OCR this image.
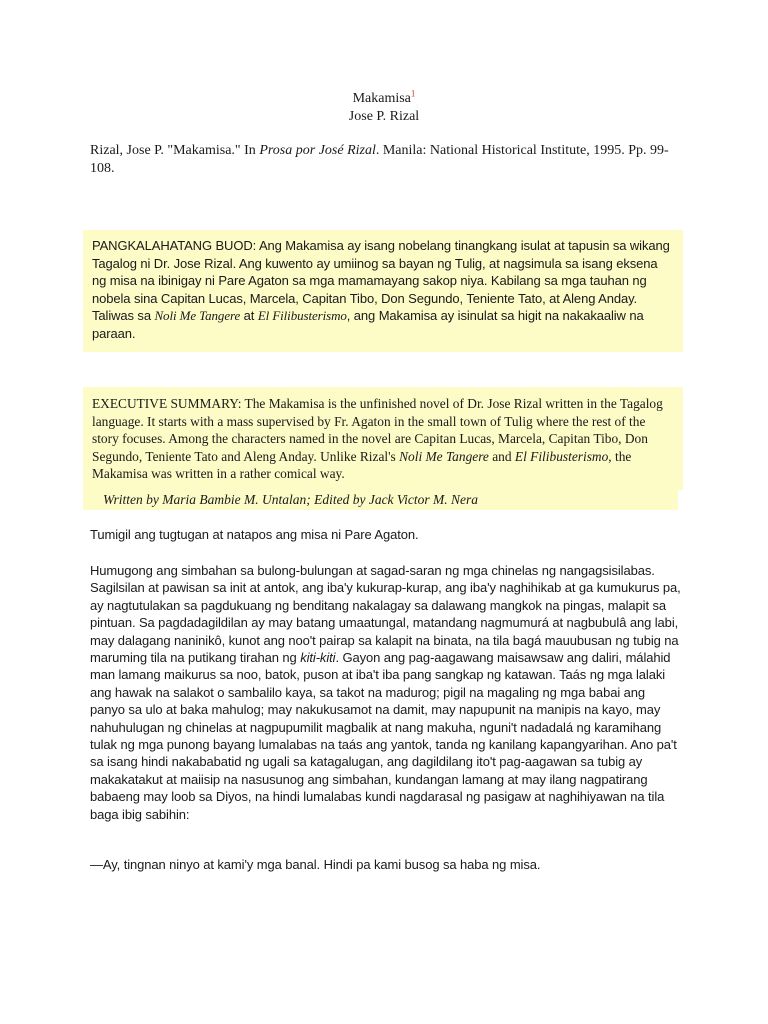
Makamisa$^1$
Jose P. Rizal
Rizal, Jose P. "Makamisa." In Prosa por José Rizal. Manila: National Historical Institute, 1995. Pp. 99-108.
PANGKALAHATANG BUOD: Ang Makamisa ay isang nobelang tinangkang isulat at tapusin sa wikang Tagalog ni Dr. Jose Rizal. Ang kuwento ay umiinog sa bayan ng Tulig, at nagsimula sa isang eksena ng misa na ibinigay ni Pare Agaton sa mga mamamayang sakop niya. Kabilang sa mga tauhan ng nobela sina Capitan Lucas, Marcela, Capitan Tibo, Don Segundo, Teniente Tato, at Aleng Anday. Taliwas sa Noli Me Tangere at El Filibusterismo, ang Makamisa ay isinulat sa higit na nakakaaliw na paraan.
EXECUTIVE SUMMARY: The Makamisa is the unfinished novel of Dr. Jose Rizal written in the Tagalog language. It starts with a mass supervised by Fr. Agaton in the small town of Tulig where the rest of the story focuses. Among the characters named in the novel are Capitan Lucas, Marcela, Capitan Tibo, Don Segundo, Teniente Tato and Aleng Anday. Unlike Rizal's Noli Me Tangere and El Filibusterismo, the Makamisa was written in a rather comical way.
Written by Maria Bambie M. Untalan; Edited by Jack Victor M. Nera
Tumigil ang tugtugan at natapos ang misa ni Pare Agaton.
Humugong ang simbahan sa bulong-bulungan at sagad-saran ng mga chinelas ng nangagsisilabas. Sagilsilan at pawisan sa init at antok, ang iba'y kukurap-kurap, ang iba'y naghihikab at ga kumukurus pa, ay nagtutulakan sa pagdukuang ng benditang nakalagay sa dalawang mangkok na pingas, malapit sa pintuan. Sa pagdadagildilan ay may batang umaatungal, matandang nagmumurá at nagbubulâ ang labi, may dalagang naninikô, kunot ang noo't pairap sa kalapit na binata, na tila bagá mauubusan ng tubig na maruming tila na putikang tirahan ng kiti-kiti. Gayon ang pag-aagawang maisawsaw ang daliri, málahid man lamang maikurus sa noo, batok, puson at iba't iba pang sangkap ng katawan. Taás ng mga lalaki ang hawak na salakot o sambalilo kaya, sa takot na madurog; pigil na magaling ng mga babai ang panyo sa ulo at baka mahulog; may nakukusamot na damit, may napupunit na manipis na kayo, may nahuhulugan ng chinelas at nagpupumilit magbalik at nang makuha, nguni't nadadalá ng karamihang tulak ng mga punong bayang lumalabas na taás ang yantok, tanda ng kanilang kapangyarihan. Ano pa't sa isang hindi nakababatid ng ugali sa katagalugan, ang dagildilang ito't pag-aagawan sa tubig ay makakatakut at maiisip na nasusunog ang simbahan, kundangan lamang at may ilang nagpatirang babaeng may loob sa Diyos, na hindi lumalabas kundi nagdarasal ng pasigaw at naghihiyawan na tila baga ibig sabihin:
—Ay, tingnan ninyo at kami'y mga banal. Hindi pa kami busog sa haba ng misa.
